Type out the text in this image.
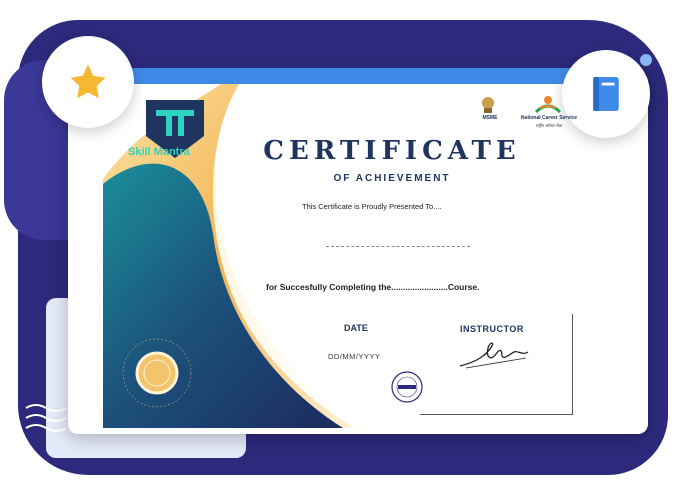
Skill Mantra
MSME	National Career Service
राष्ट्रीय करियर सेवा
CERTIFICATE
OF ACHIEVEMENT
This Certificate is Proudly Presented To....
for Succesfully Completing the........................Course.
DATE
DD/MM/YYYY
INSTRUCTOR
